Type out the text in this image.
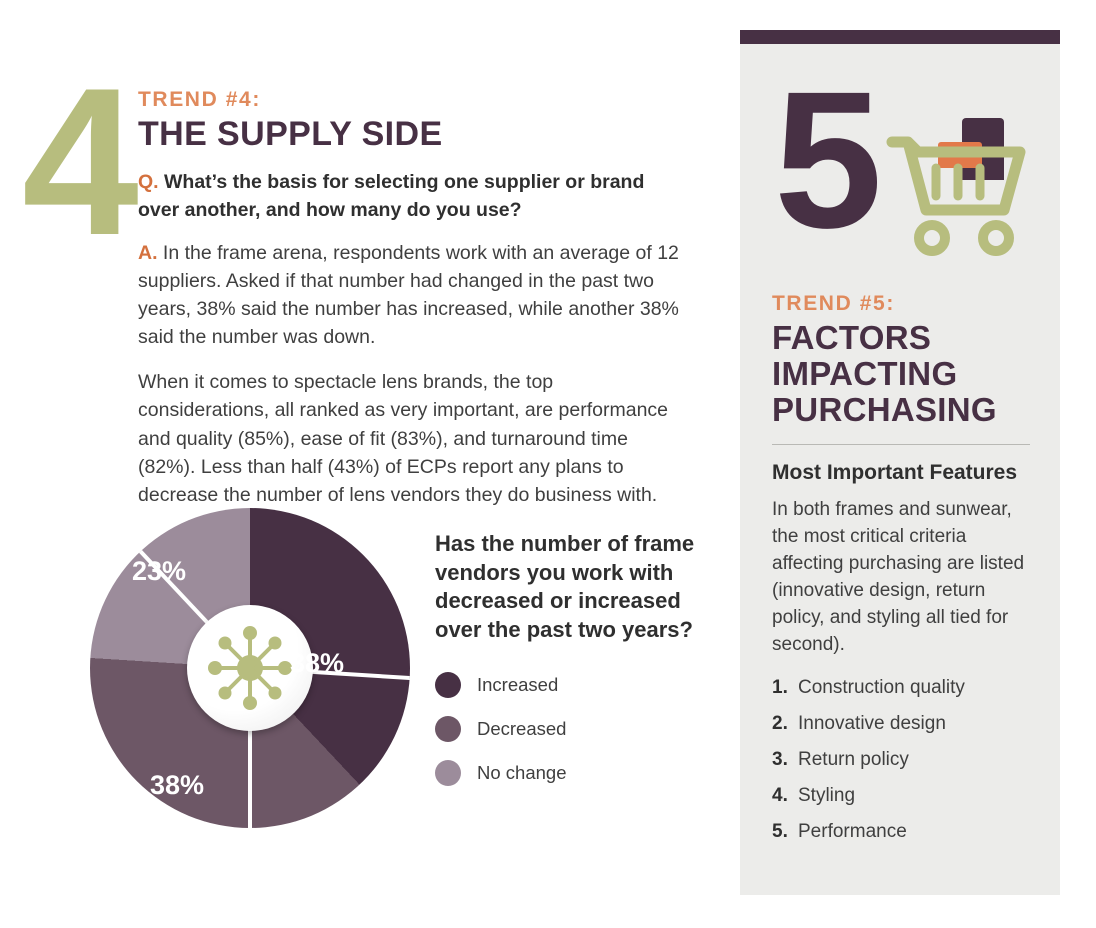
4 TREND #4:

THE SUPPLY SIDE

Q. What’s the basis for selecting one supplier or brand over another, and how many do you use?

A. In the frame arena, respondents work with an average of 12 suppliers. Asked if that number had changed in the past two years, 38% said the number has increased, while another 38% said the number was down.

When it comes to spectacle lens brands, the top considerations, all ranked as very important, are performance and quality (85%), ease of fit (83%), and turnaround time (82%). Less than half (43%) of ECPs report any plans to decrease the number of lens vendors they do business with.

38%
38%
23%

Has the number of frame vendors you work with decreased or increased over the past two years?

Increased
Decreased
No change
5

TREND #5:

FACTORS IMPACTING PURCHASING
Most Important Features

In both frames and sunwear, the most critical criteria affecting purchasing are listed (innovative design, return policy, and styling all tied for second).

1. Construction quality
2. Innovative design
3. Return policy
4. Styling
5. Performance
